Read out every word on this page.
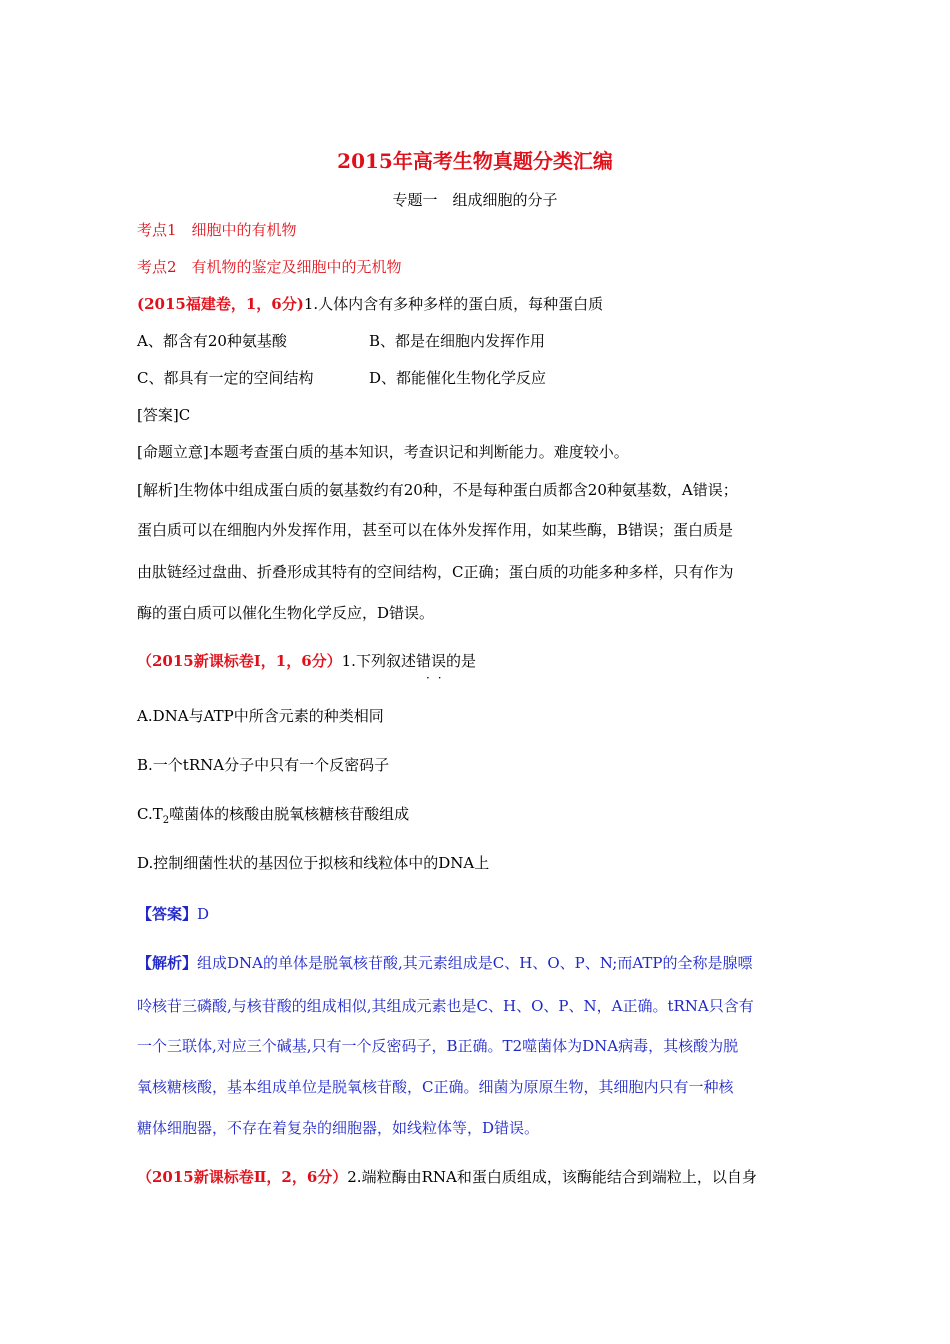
2015年高考生物真题分类汇编
专题一　组成细胞的分子
考点1　细胞中的有机物
考点2　有机物的鉴定及细胞中的无机物
(2015福建卷，1，6分)1.人体内含有多种多样的蛋白质，每种蛋白质
A、都含有20种氨基酸	B、都是在细胞内发挥作用
C、都具有一定的空间结构	D、都能催化生物化学反应
[答案]C
[命题立意]本题考查蛋白质的基本知识，考查识记和判断能力。难度较小。
[解析]生物体中组成蛋白质的氨基数约有20种，不是每种蛋白质都含20种氨基数，A错误；
蛋白质可以在细胞内外发挥作用，甚至可以在体外发挥作用，如某些酶，B错误；蛋白质是
由肽链经过盘曲、折叠形成其特有的空间结构，C正确；蛋白质的功能多种多样，只有作为
酶的蛋白质可以催化生物化学反应，D错误。
（2015新课标卷Ⅰ，1，6分）1.下列叙述错误
··
的是
A.DNA与ATP中所含元素的种类相同
B.一个tRNA分子中只有一个反密码子
$C.T_2$噬菌体的核酸由脱氧核糖核苷酸组成
D.控制细菌性状的基因位于拟核和线粒体中的DNA上
【答案】D
【解析】组成DNA的单体是脱氧核苷酸,其元素组成是C、H、O、P、N;而ATP的全称是腺嘌
呤核苷三磷酸,与核苷酸的组成相似,其组成元素也是C、H、O、P、N，A正确。tRNA只含有
一个三联体,对应三个碱基,只有一个反密码子，B正确。T2噬菌体为DNA病毒，其核酸为脱
氧核糖核酸，基本组成单位是脱氧核苷酸，C正确。细菌为原原生物，其细胞内只有一种核
糖体细胞器，不存在着复杂的细胞器，如线粒体等，D错误。
（2015新课标卷Ⅱ，2，6分）2.端粒酶由RNA和蛋白质组成，该酶能结合到端粒上，以自身
